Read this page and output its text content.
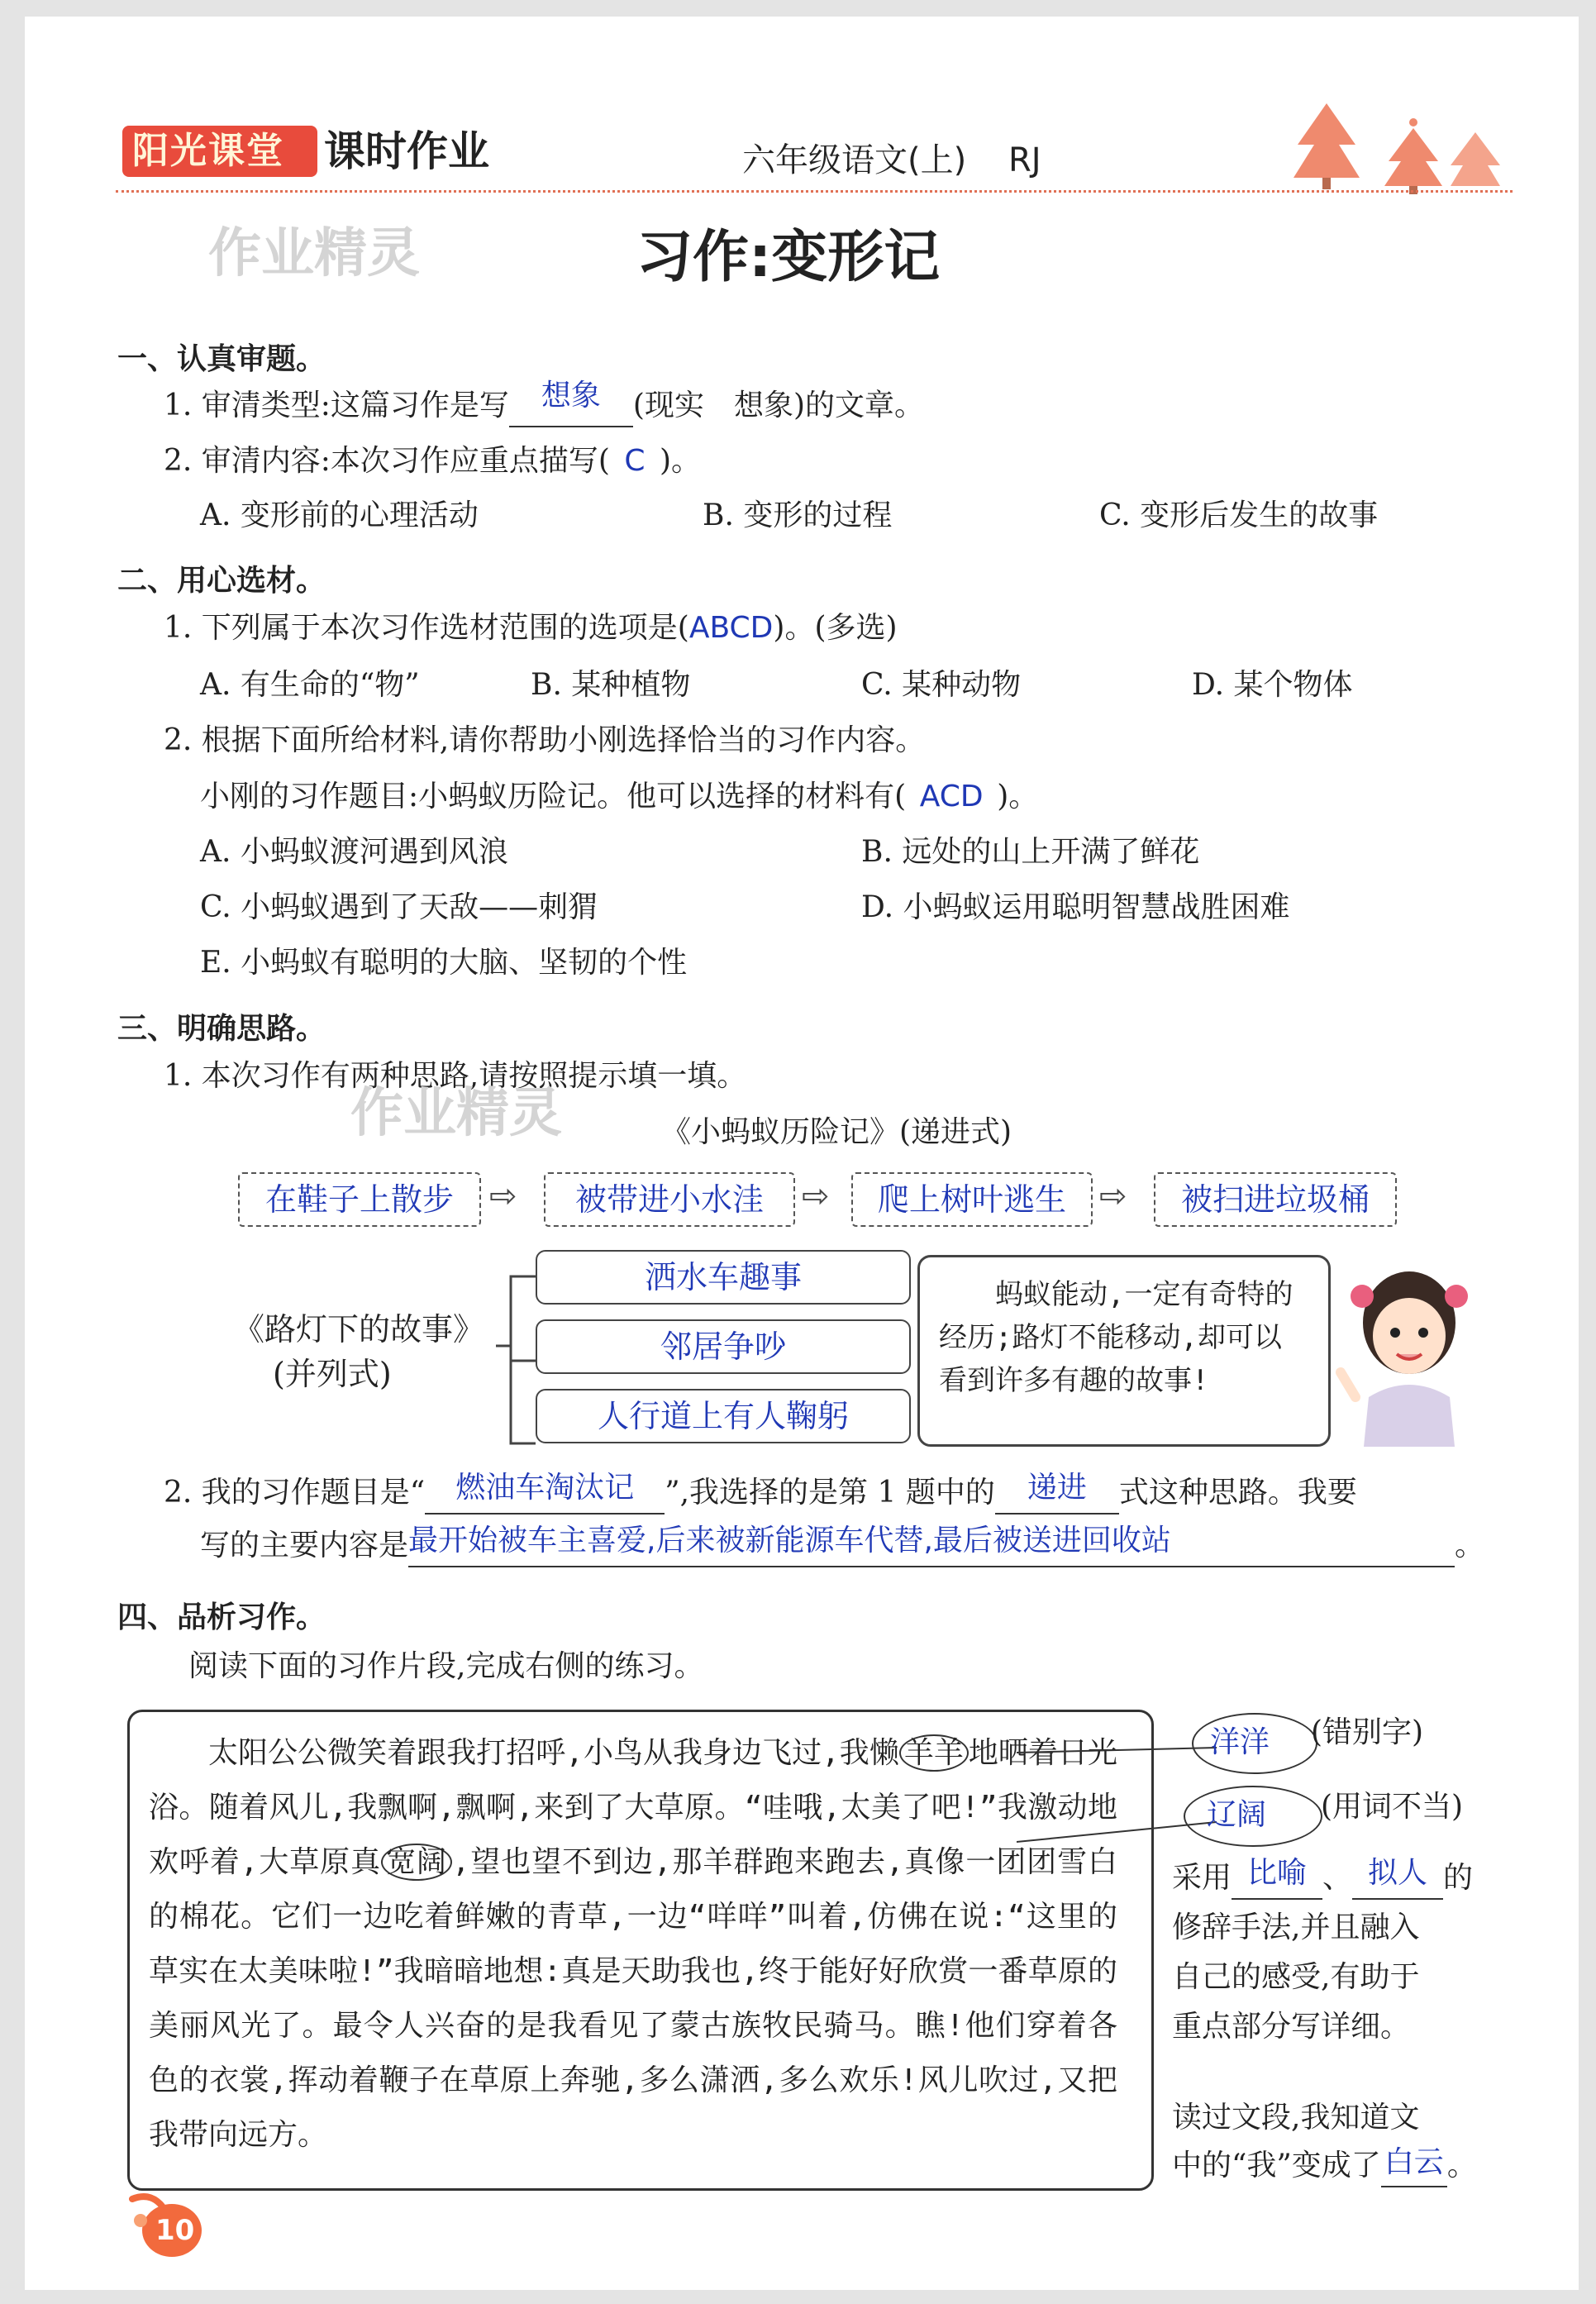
阳光课堂 课时作业	六年级语文(上) RJ
作业精灵	习作:变形记
一、认真审题。
1. 审清类型:这篇习作是写 想象 (现实　想象)的文章。
2. 审清内容:本次习作应重点描写( C )。
A. 变形前的心理活动	B. 变形的过程	C. 变形后发生的故事
二、用心选材。
1. 下列属于本次习作选材范围的选项是(ABCD)。(多选)
A. 有生命的“物”	B. 某种植物	C. 某种动物	D. 某个物体
2. 根据下面所给材料,请你帮助小刚选择恰当的习作内容。
小刚的习作题目:小蚂蚁历险记。他可以选择的材料有( ACD )。
A. 小蚂蚁渡河遇到风浪	B. 远处的山上开满了鲜花
C. 小蚂蚁遇到了天敌——刺猬	D. 小蚂蚁运用聪明智慧战胜困难
E. 小蚂蚁有聪明的大脑、坚韧的个性
三、明确思路。
1. 本次习作有两种思路,请按照提示填一填。
作业精灵	《小蚂蚁历险记》(递进式)
在鞋子上散步	⇨	被带进小水洼	⇨	爬上树叶逃生	⇨	被扫进垃圾桶
《路灯下的故事》
(并列式)
洒水车趣事
邻居争吵
人行道上有人鞠躬
蚂蚁能动,一定有奇特的经历;路灯不能移动,却可以看到许多有趣的故事!
2. 我的习作题目是“ 燃油车淘汰记 ”,我选择的是第 1 题中的 递进 式这种思路。我要
写的主要内容是最开始被车主喜爱,后来被新能源车代替,最后被送进回收站	。
四、品析习作。
阅读下面的习作片段,完成右侧的练习。
太阳公公微笑着跟我打招呼,小鸟从我身边飞过,我懒 羊羊 地晒着日光浴。随着风儿,我飘啊,飘啊,来到了大草原。“哇哦,太美了吧!”我激动地欢呼着,大草原真 宽阔 ,望也望不到边,那羊群跑来跑去,真像一团团雪白的棉花。它们一边吃着鲜嫩的青草,一边“咩咩”叫着,仿佛在说:“这里的草实在太美味啦!”我暗暗地想:真是天助我也,终于能好好欣赏一番草原的美丽风光了。最令人兴奋的是我看见了蒙古族牧民骑马。瞧!他们穿着各色的衣裳,挥动着鞭子在草原上奔驰,多么潇洒,多么欢乐!风儿吹过,又把我带向远方。
洋洋 (错别字)
辽阔 (用词不当)
采用 比喻 、 拟人 的
修辞手法,并且融入
自己的感受,有助于
重点部分写详细。
读过文段,我知道文
中的“我”变成了 白云 。
10
